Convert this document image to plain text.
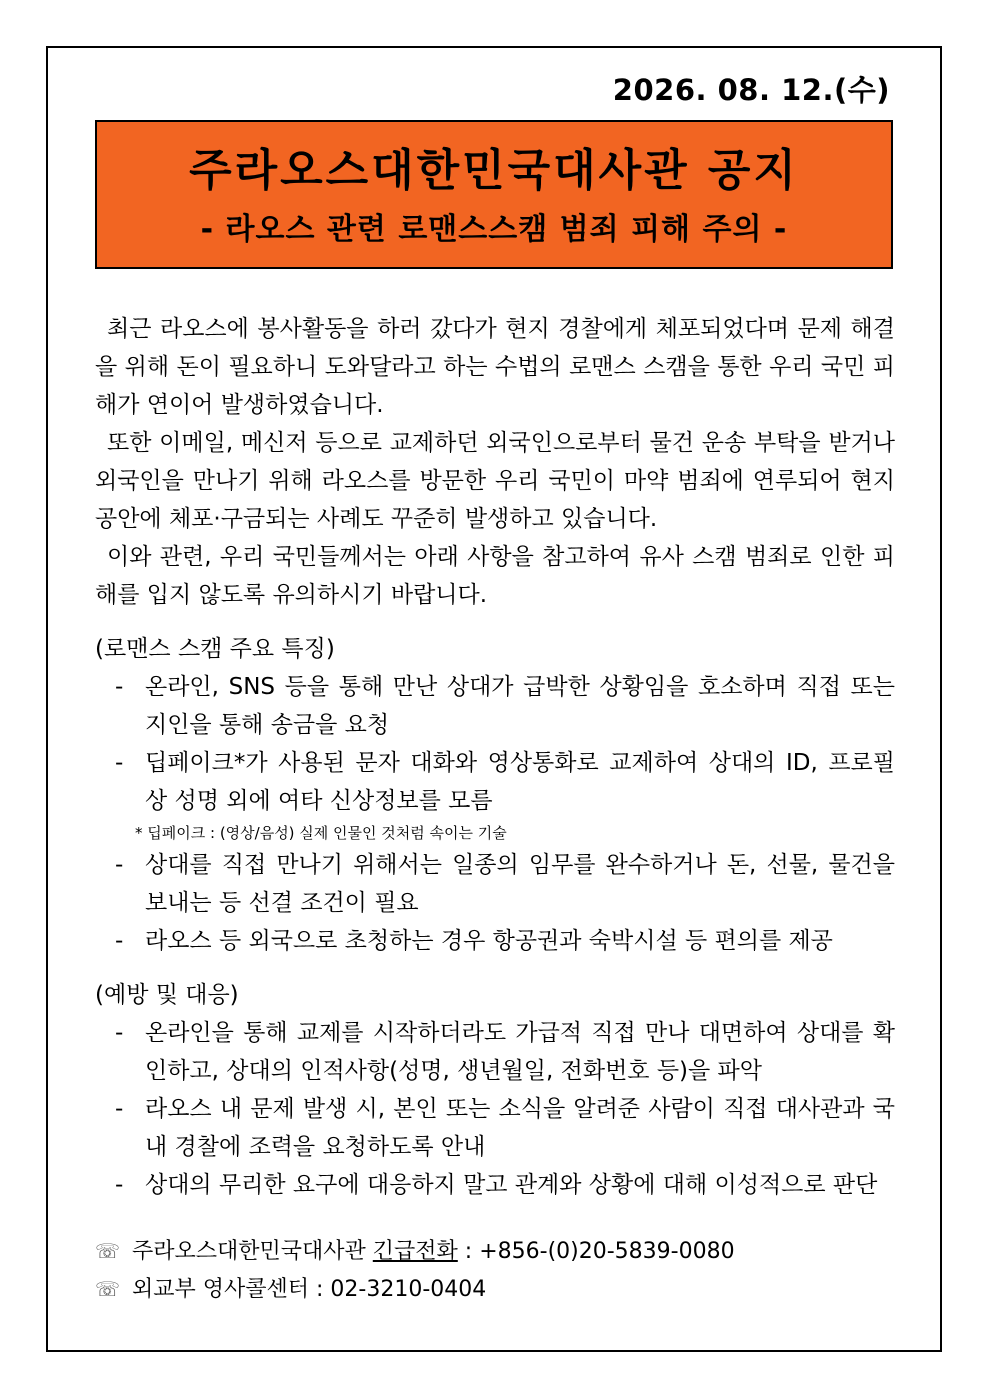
2026. 08. 12.(수)
주라오스대한민국대사관 공지
- 라오스 관련 로맨스스캠 범죄 피해 주의 -
최근 라오스에 봉사활동을 하러 갔다가 현지 경찰에게 체포되었다며 문제 해결을 위해 돈이 필요하니 도와달라고 하는 수법의 로맨스 스캠을 통한 우리 국민 피해가 연이어 발생하였습니다.
또한 이메일, 메신저 등으로 교제하던 외국인으로부터 물건 운송 부탁을 받거나 외국인을 만나기 위해 라오스를 방문한 우리 국민이 마약 범죄에 연루되어 현지 공안에 체포·구금되는 사례도 꾸준히 발생하고 있습니다.
이와 관련, 우리 국민들께서는 아래 사항을 참고하여 유사 스캠 범죄로 인한 피해를 입지 않도록 유의하시기 바랍니다.
(로맨스 스캠 주요 특징)
- 온라인, SNS 등을 통해 만난 상대가 급박한 상황임을 호소하며 직접 또는 지인을 통해 송금을 요청
- 딥페이크*가 사용된 문자 대화와 영상통화로 교제하여 상대의 ID, 프로필 상 성명 외에 여타 신상정보를 모름
* 딥페이크 : (영상/음성) 실제 인물인 것처럼 속이는 기술
- 상대를 직접 만나기 위해서는 일종의 임무를 완수하거나 돈, 선물, 물건을 보내는 등 선결 조건이 필요
- 라오스 등 외국으로 초청하는 경우 항공권과 숙박시설 등 편의를 제공
(예방 및 대응)
- 온라인을 통해 교제를 시작하더라도 가급적 직접 만나 대면하여 상대를 확인하고, 상대의 인적사항(성명, 생년월일, 전화번호 등)을 파악
- 라오스 내 문제 발생 시, 본인 또는 소식을 알려준 사람이 직접 대사관과 국내 경찰에 조력을 요청하도록 안내
- 상대의 무리한 요구에 대응하지 말고 관계와 상황에 대해 이성적으로 판단
☏ 주라오스대한민국대사관 긴급전화 : +856-(0)20-5839-0080
☏ 외교부 영사콜센터 : 02-3210-0404
